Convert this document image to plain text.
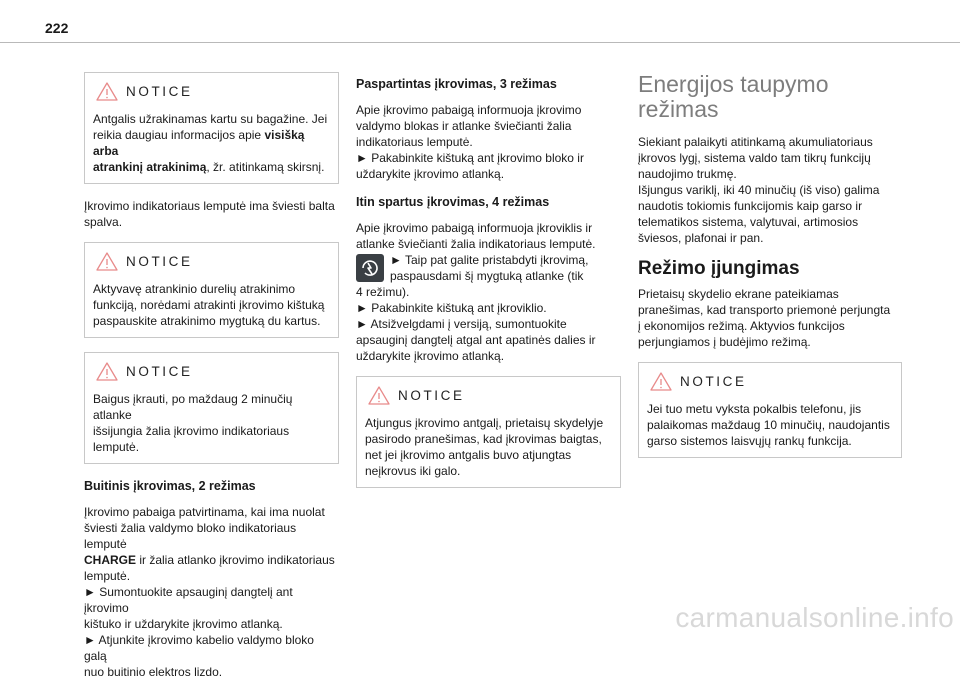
222
NOTICE

Antgalis užrakinamas kartu su bagažine. Jei
reikia daugiau informacijos apie visišką arba
atrankinį atrakinimą, žr. atitinkamą skirsnį.

Įkrovimo indikatoriaus lemputė ima šviesti balta
spalva.

NOTICE

Aktyvavę atrankinio durelių atrakinimo
funkciją, norėdami atrakinti įkrovimo kištuką
paspauskite atrakinimo mygtuką du kartus.

NOTICE

Baigus įkrauti, po maždaug 2 minučių atlanke
išsijungia žalia įkrovimo indikatoriaus
lemputė.

Buitinis įkrovimas, 2 režimas

Įkrovimo pabaiga patvirtinama, kai ima nuolat
šviesti žalia valdymo bloko indikatoriaus lemputė
CHARGE ir žalia atlanko įkrovimo indikatoriaus
lemputė.
► Sumontuokite apsauginį dangtelį ant įkrovimo
kištuko ir uždarykite įkrovimo atlanką.
► Atjunkite įkrovimo kabelio valdymo bloko galą
nuo buitinio elektros lizdo.

Paspartintas įkrovimas, 3 režimas

Apie įkrovimo pabaigą informuoja įkrovimo
valdymo blokas ir atlanke šviečianti žalia
indikatoriaus lemputė.
► Pakabinkite kištuką ant įkrovimo bloko ir
uždarykite įkrovimo atlanką.

Itin spartus įkrovimas, 4 režimas

Apie įkrovimo pabaigą informuoja įkroviklis ir
atlanke šviečianti žalia indikatoriaus lemputė.

► Taip pat galite pristabdyti įkrovimą,
paspausdami šį mygtuką atlanke (tik

4 režimu).
► Pakabinkite kištuką ant įkroviklio.
► Atsižvelgdami į versiją, sumontuokite
apsauginį dangtelį atgal ant apatinės dalies ir
uždarykite įkrovimo atlanką.

NOTICE

Atjungus įkrovimo antgalį, prietaisų skydelyje
pasirodo pranešimas, kad įkrovimas baigtas,
net jei įkrovimo antgalis buvo atjungtas
neįkrovus iki galo.

Energijos taupymo
režimas

Siekiant palaikyti atitinkamą akumuliatoriaus
įkrovos lygį, sistema valdo tam tikrų funkcijų
naudojimo trukmę.
Išjungus variklį, iki 40 minučių (iš viso) galima
naudotis tokiomis funkcijomis kaip garso ir
telematikos sistema, valytuvai, artimosios
šviesos, plafonai ir pan.

Režimo įjungimas

Prietaisų skydelio ekrane pateikiamas
pranešimas, kad transporto priemonė perjungta
į ekonomijos režimą. Aktyvios funkcijos
perjungiamos į budėjimo režimą.

NOTICE

Jei tuo metu vyksta pokalbis telefonu, jis
palaikomas maždaug 10 minučių, naudojantis
garso sistemos laisvųjų rankų funkcija.

carmanualsonline.info
